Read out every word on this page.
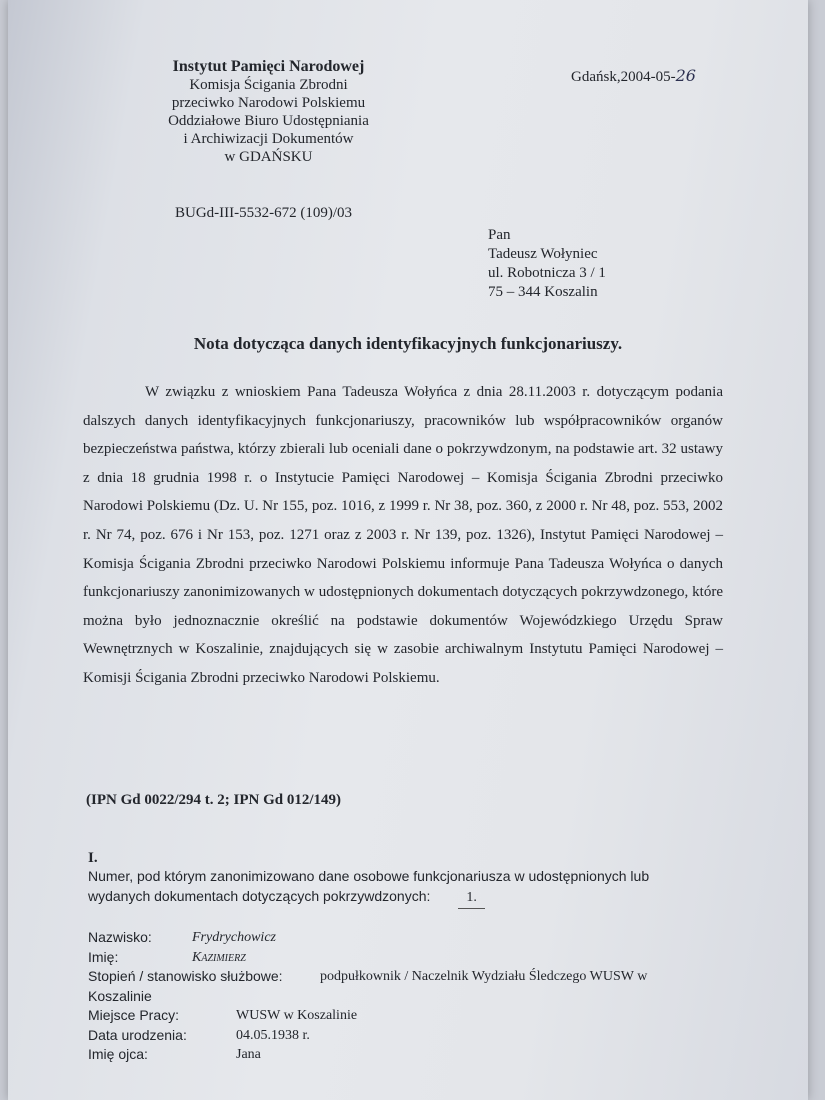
Instytut Pamięci Narodowej
Komisja Ścigania Zbrodni
przeciwko Narodowi Polskiemu
Oddziałowe Biuro Udostępniania
i Archiwizacji Dokumentów
w GDAŃSKU
Gdańsk,2004-05-26
BUGd-III-5532-672 (109)/03
Pan
Tadeusz Wołyniec
ul. Robotnicza 3 / 1
75 – 344 Koszalin
Nota dotycząca danych identyfikacyjnych funkcjonariuszy.
W związku z wnioskiem Pana Tadeusza Wołyńca z dnia 28.11.2003 r. dotyczącym podania dalszych danych identyfikacyjnych funkcjonariuszy, pracowników lub współpracowników organów bezpieczeństwa państwa, którzy zbierali lub oceniali dane o pokrzywdzonym, na podstawie art. 32 ustawy z dnia 18 grudnia 1998 r. o Instytucie Pamięci Narodowej – Komisja Ścigania Zbrodni przeciwko Narodowi Polskiemu (Dz. U. Nr 155, poz. 1016, z 1999 r. Nr 38, poz. 360, z 2000 r. Nr 48, poz. 553, 2002 r. Nr 74, poz. 676 i Nr 153, poz. 1271 oraz z 2003 r. Nr 139, poz. 1326), Instytut Pamięci Narodowej – Komisja Ścigania Zbrodni przeciwko Narodowi Polskiemu informuje Pana Tadeusza Wołyńca o danych funkcjonariuszy zanonimizowanych w udostępnionych dokumentach dotyczących pokrzywdzonego, które można było jednoznacznie określić na podstawie dokumentów Wojewódzkiego Urzędu Spraw Wewnętrznych w Koszalinie, znajdujących się w zasobie archiwalnym Instytutu Pamięci Narodowej – Komisji Ścigania Zbrodni przeciwko Narodowi Polskiemu.
(IPN Gd 0022/294 t. 2; IPN Gd 012/149)
I.
Numer, pod którym zanonimizowano dane osobowe funkcjonariusza w udostępnionych lub
wydanych dokumentach dotyczących pokrzywdzonych:	1.
Nazwisko:	Frydrychowicz
Imię:	Kazimierz
Stopień / stanowisko służbowe:	podpułkownik / Naczelnik Wydziału Śledczego WUSW w
Koszalinie
Miejsce Pracy:	WUSW w Koszalinie
Data urodzenia:	04.05.1938 r.
Imię ojca:	Jana
